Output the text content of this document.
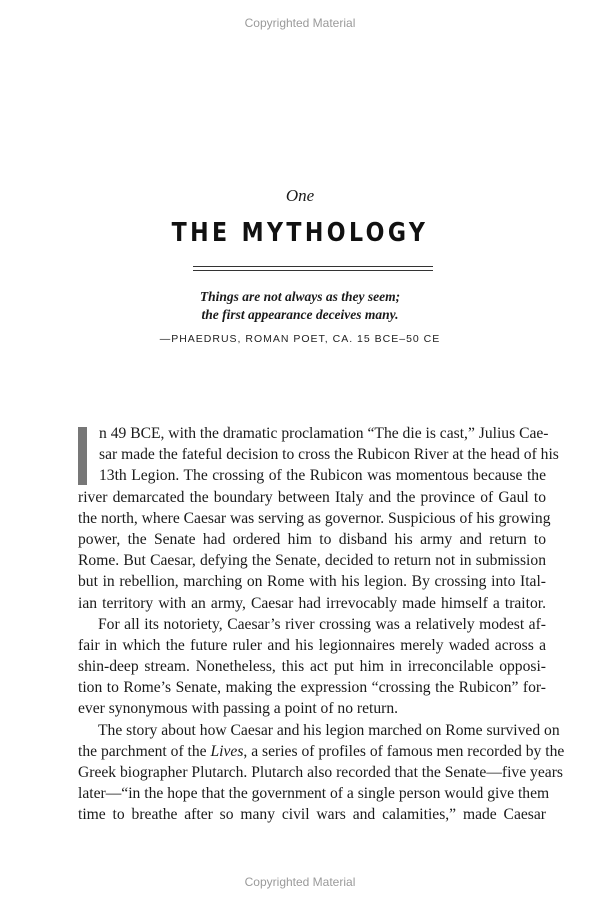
Copyrighted Material
One
THE MYTHOLOGY
Things are not always as they seem;
the first appearance deceives many.
—PHAEDRUS, ROMAN POET, CA. 15 BCE–50 CE
n 49 BCE, with the dramatic proclamation “The die is cast,” Julius Cae-
sar made the fateful decision to cross the Rubicon River at the head of his
13th Legion. The crossing of the Rubicon was momentous because the
river demarcated the boundary between Italy and the province of Gaul to
the north, where Caesar was serving as governor. Suspicious of his growing
power, the Senate had ordered him to disband his army and return to
Rome. But Caesar, defying the Senate, decided to return not in submission
but in rebellion, marching on Rome with his legion. By crossing into Ital-
ian territory with an army, Caesar had irrevocably made himself a traitor.
For all its notoriety, Caesar’s river crossing was a relatively modest af-
fair in which the future ruler and his legionnaires merely waded across a
shin-deep stream. Nonetheless, this act put him in irreconcilable opposi-
tion to Rome’s Senate, making the expression “crossing the Rubicon” for-
ever synonymous with passing a point of no return.
The story about how Caesar and his legion marched on Rome survived on
the parchment of the Lives, a series of profiles of famous men recorded by the
Greek biographer Plutarch. Plutarch also recorded that the Senate—five years
later—“in the hope that the government of a single person would give them
time to breathe after so many civil wars and calamities,” made Caesar
Copyrighted Material
